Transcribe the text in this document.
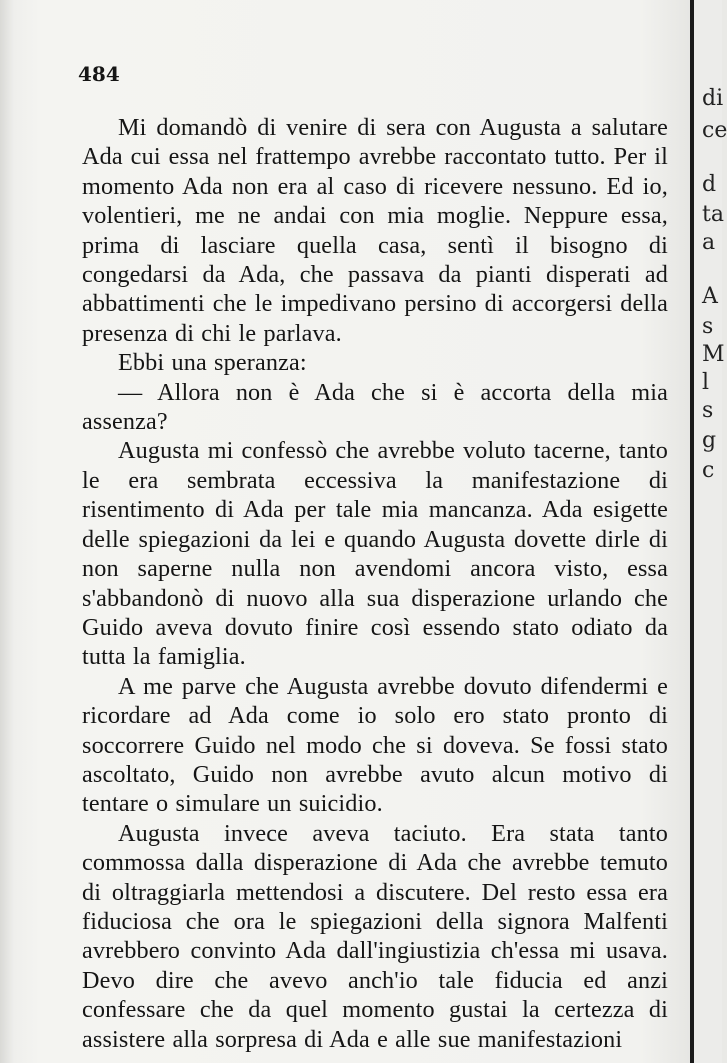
484

Mi domandò di venire di sera con Augusta a salutare Ada cui essa nel frattempo avrebbe raccontato tutto. Per il momento Ada non era al caso di ricevere nessuno. Ed io, volentieri, me ne andai con mia moglie. Neppure essa, prima di lasciare quella casa, sentì il bisogno di congedarsi da Ada, che passava da pianti disperati ad abbattimenti che le impedivano persino di accorgersi della presenza di chi le parlava.

Ebbi una speranza:

— Allora non è Ada che si è accorta della mia assenza?

Augusta mi confessò che avrebbe voluto tacerne, tanto le era sembrata eccessiva la manifestazione di risentimento di Ada per tale mia mancanza. Ada esigette delle spiegazioni da lei e quando Augusta dovette dirle di non saperne nulla non avendomi ancora visto, essa s'abbandonò di nuovo alla sua disperazione urlando che Guido aveva dovuto finire così essendo stato odiato da tutta la famiglia.

A me parve che Augusta avrebbe dovuto difendermi e ricordare ad Ada come io solo ero stato pronto di soccorrere Guido nel modo che si doveva. Se fossi stato ascoltato, Guido non avrebbe avuto alcun motivo di tentare o simulare un suicidio.

Augusta invece aveva taciuto. Era stata tanto commossa dalla disperazione di Ada che avrebbe temuto di oltraggiarla mettendosi a discutere. Del resto essa era fiduciosa che ora le spiegazioni della signora Malfenti avrebbero convinto Ada dall'ingiustizia ch'essa mi usava. Devo dire che avevo anch'io tale fiducia ed anzi confessare che da quel momento gustai la certezza di assistere alla sorpresa di Ada e alle sue manifestazioni

di
ce
d
ta
a
A
s
M
l
s
g
c
